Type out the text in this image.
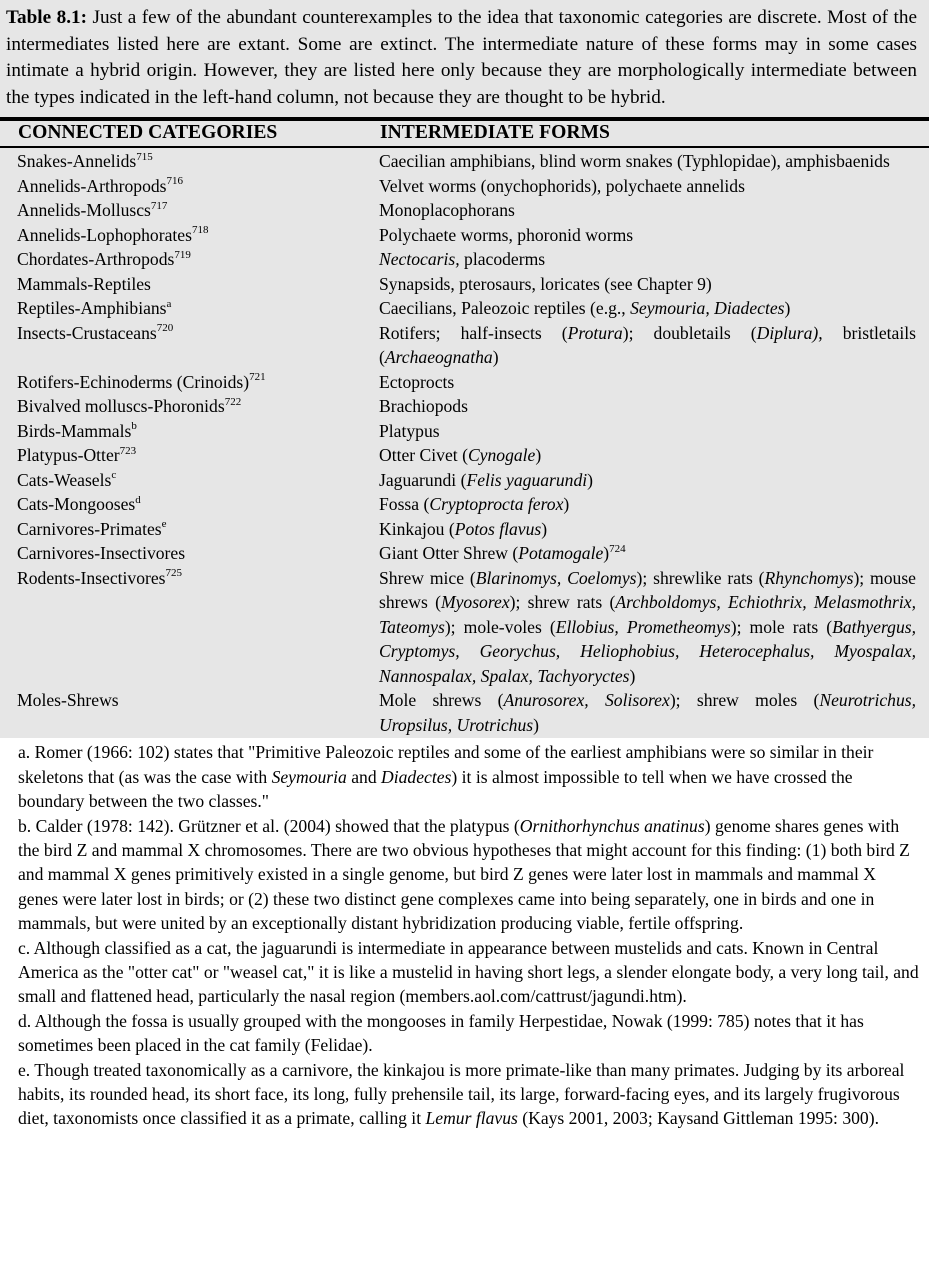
Table 8.1: Just a few of the abundant counterexamples to the idea that taxonomic categories are discrete. Most of the intermediates listed here are extant. Some are extinct. The intermediate nature of these forms may in some cases intimate a hybrid origin. However, they are listed here only because they are morphologically intermediate between the types indicated in the left-hand column, not because they are thought to be hybrid.
CONNECTED CATEGORIES	INTERMEDIATE FORMS
Snakes-Annelids$^{715}$	Caecilian amphibians, blind worm snakes (Typhlopidae), amphisbaenids
Annelids-Arthropods$^{716}$	Velvet worms (onychophorids), polychaete annelids
Annelids-Molluscs$^{717}$	Monoplacophorans
Annelids-Lophophorates$^{718}$	Polychaete worms, phoronid worms
Chordates-Arthropods$^{719}$	Nectocaris, placoderms
Mammals-Reptiles	Synapsids, pterosaurs, loricates (see Chapter 9)
Reptiles-Amphibians$^a$	Caecilians, Paleozoic reptiles (e.g., Seymouria, Diadectes)
Insects-Crustaceans$^{720}$	Rotifers; half-insects (Protura); doubletails (Diplura), bristletails (Archaeognatha)
Rotifers-Echinoderms (Crinoids)$^{721}$	Ectoprocts
Bivalved molluscs-Phoronids$^{722}$	Brachiopods
Birds-Mammals$^b$	Platypus
Platypus-Otter$^{723}$	Otter Civet (Cynogale)
Cats-Weasels$^c$	Jaguarundi (Felis yaguarundi)
Cats-Mongooses$^d$	Fossa (Cryptoprocta ferox)
Carnivores-Primates$^e$	Kinkajou (Potos flavus)
Carnivores-Insectivores	Giant Otter Shrew (Potamogale)$^{724}$
Rodents-Insectivores$^{725}$	Shrew mice (Blarinomys, Coelomys); shrewlike rats (Rhynchomys); mouse shrews (Myosorex); shrew rats (Archboldomys, Echiothrix, Melasmothrix, Tateomys); mole-voles (Ellobius, Prometheomys); mole rats (Bathyergus, Cryptomys, Georychus, Heliophobius, Heterocephalus, Myospalax, Nannospalax, Spalax, Tachyoryctes)
Moles-Shrews	Mole shrews (Anurosorex, Solisorex); shrew moles (Neurotrichus, Uropsilus, Urotrichus)

a. Romer (1966: 102) states that "Primitive Paleozoic reptiles and some of the earliest amphibians were so similar in their skeletons that (as was the case with Seymouria and Diadectes) it is almost impossible to tell when we have crossed the boundary between the two classes."

b. Calder (1978: 142). Grützner et al. (2004) showed that the platypus (Ornithorhynchus anatinus) genome shares genes with the bird Z and mammal X chromosomes. There are two obvious hypotheses that might account for this finding: (1) both bird Z and mammal X genes primitively existed in a single genome, but bird Z genes were later lost in mammals and mammal X genes were later lost in birds; or (2) these two distinct gene complexes came into being separately, one in birds and one in mammals, but were united by an exceptionally distant hybridization producing viable, fertile offspring.

c. Although classified as a cat, the jaguarundi is intermediate in appearance between mustelids and cats. Known in Central America as the "otter cat" or "weasel cat," it is like a mustelid in having short legs, a slender elongate body, a very long tail, and small and flattened head, particularly the nasal region (members.aol.com/cattrust/jagundi.htm).

d. Although the fossa is usually grouped with the mongooses in family Herpestidae, Nowak (1999: 785) notes that it has sometimes been placed in the cat family (Felidae).

e. Though treated taxonomically as a carnivore, the kinkajou is more primate-like than many primates. Judging by its arboreal habits, its rounded head, its short face, its long, fully prehensile tail, its large, forward-facing eyes, and its largely frugivorous diet, taxonomists once classified it as a primate, calling it Lemur flavus (Kays 2001, 2003; Kaysand Gittleman 1995: 300).
